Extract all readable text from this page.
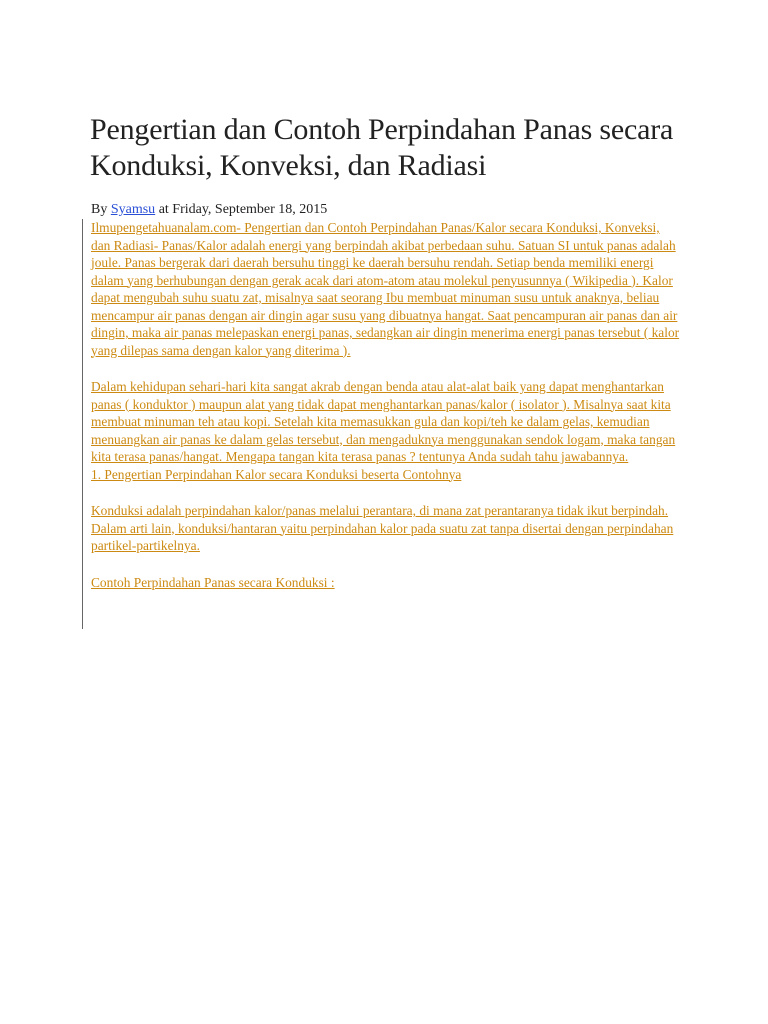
Pengertian dan Contoh Perpindahan Panas secara Konduksi, Konveksi, dan Radiasi
By Syamsu at Friday, September 18, 2015

Ilmupengetahuanalam.com- Pengertian dan Contoh Perpindahan Panas/Kalor secara Konduksi, Konveksi, dan Radiasi- Panas/Kalor adalah energi yang berpindah akibat perbedaan suhu. Satuan SI untuk panas adalah joule. Panas bergerak dari daerah bersuhu tinggi ke daerah bersuhu rendah. Setiap benda memiliki energi dalam yang berhubungan dengan gerak acak dari atom-atom atau molekul penyusunnya ( Wikipedia ). Kalor dapat mengubah suhu suatu zat, misalnya saat seorang Ibu membuat minuman susu untuk anaknya, beliau mencampur air panas dengan air dingin agar susu yang dibuatnya hangat. Saat pencampuran air panas dan air dingin, maka air panas melepaskan energi panas, sedangkan air dingin menerima energi panas tersebut ( kalor yang dilepas sama dengan kalor yang diterima ).

Dalam kehidupan sehari-hari kita sangat akrab dengan benda atau alat-alat baik yang dapat menghantarkan panas ( konduktor ) maupun alat yang tidak dapat menghantarkan panas/kalor ( isolator ). Misalnya saat kita membuat minuman teh atau kopi. Setelah kita memasukkan gula dan kopi/teh ke dalam gelas, kemudian menuangkan air panas ke dalam gelas tersebut, dan mengaduknya menggunakan sendok logam, maka tangan kita terasa panas/hangat. Mengapa tangan kita terasa panas ? tentunya Anda sudah tahu jawabannya.

1. Pengertian Perpindahan Kalor secara Konduksi beserta Contohnya

Konduksi adalah perpindahan kalor/panas melalui perantara, di mana zat perantaranya tidak ikut berpindah. Dalam arti lain, konduksi/hantaran yaitu perpindahan kalor pada suatu zat tanpa disertai dengan perpindahan partikel-partikelnya.

Contoh Perpindahan Panas secara Konduksi :
